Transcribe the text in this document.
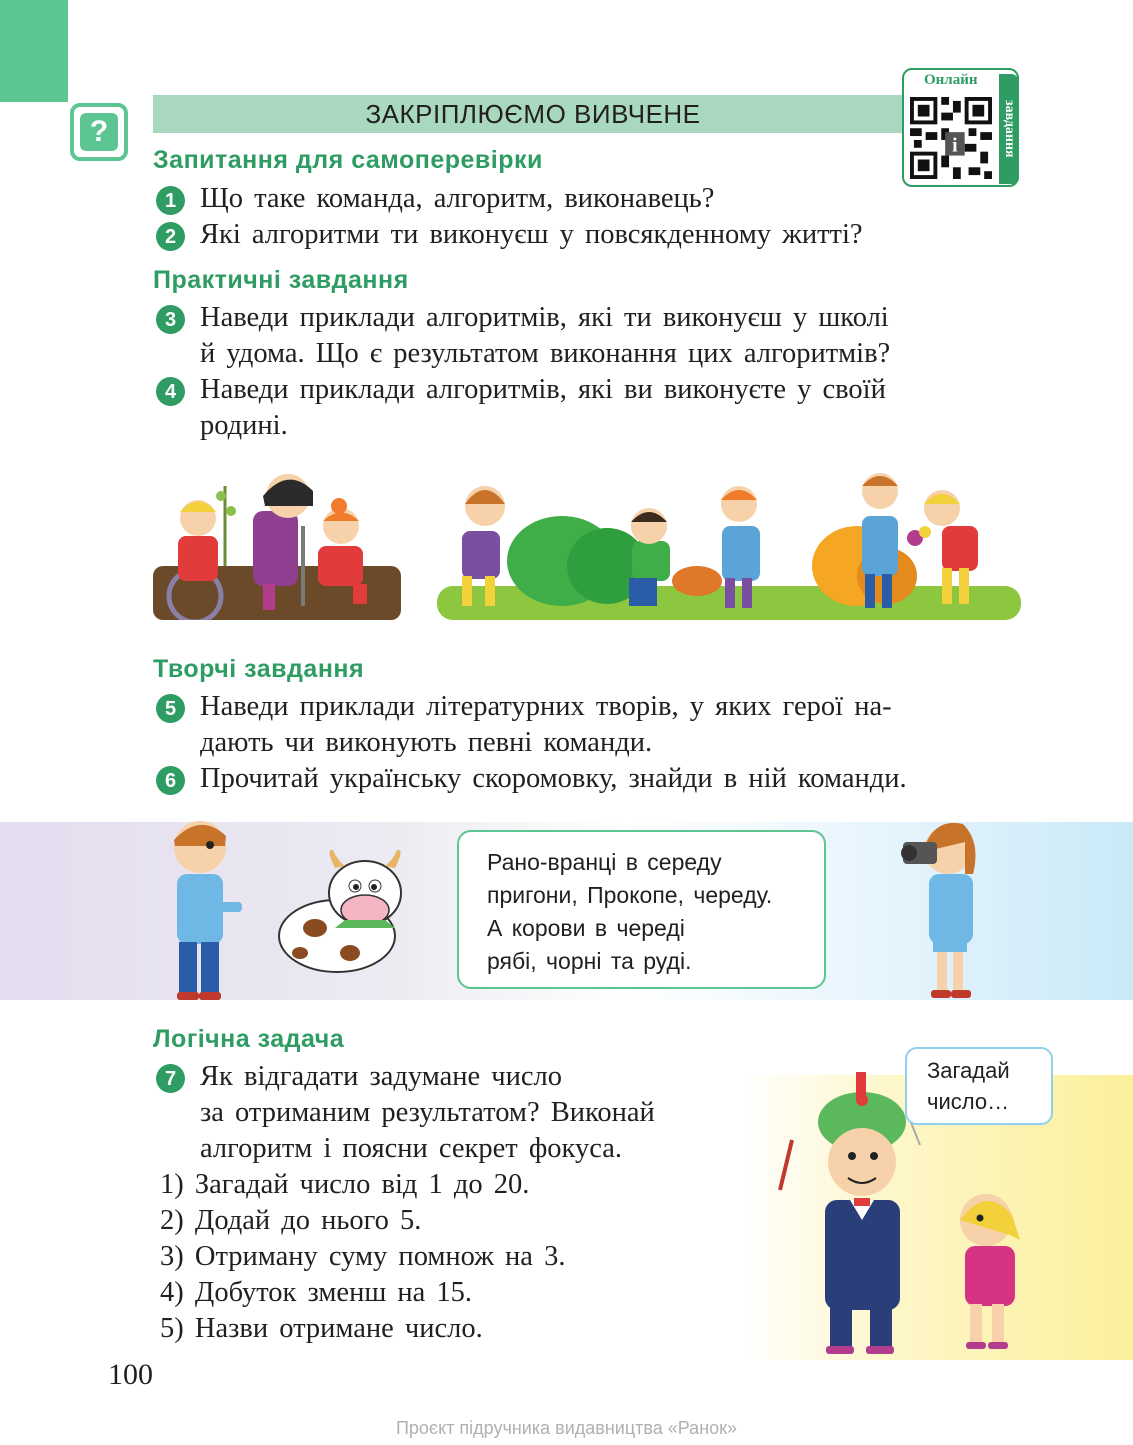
?
ЗАКРІПЛЮЄМО ВИВЧЕНЕ
Онлайн
завдання
i
Запитання для самоперевірки
1 Що таке команда, алгоритм, виконавець?
2 Які алгоритми ти виконуєш у повсякденному житті?
Практичні завдання
3 Наведи приклади алгоритмів, які ти виконуєш у школі
й удома. Що є результатом виконання цих алгоритмів?
4 Наведи приклади алгоритмів, які ви виконуєте у своїй
родині.
Творчі завдання
5 Наведи приклади літературних творів, у яких герої на-
дають чи виконують певні команди.
6 Прочитай українську скоромовку, знайди в ній команди.
Рано-вранці в середу
пригони, Прокопе, череду.
А корови в череді
рябі, чорні та руді.
Логічна задача
7 Як відгадати задумане число
за отриманим результатом? Виконай
алгоритм і поясни секрет фокуса.
1) Загадай число від 1 до 20.
2) Додай до нього 5.
3) Отриману суму помнож на 3.
4) Добуток зменш на 15.
5) Назви отримане число.
Загадай
число…
100
Проєкт підручника видавництва «Ранок»
